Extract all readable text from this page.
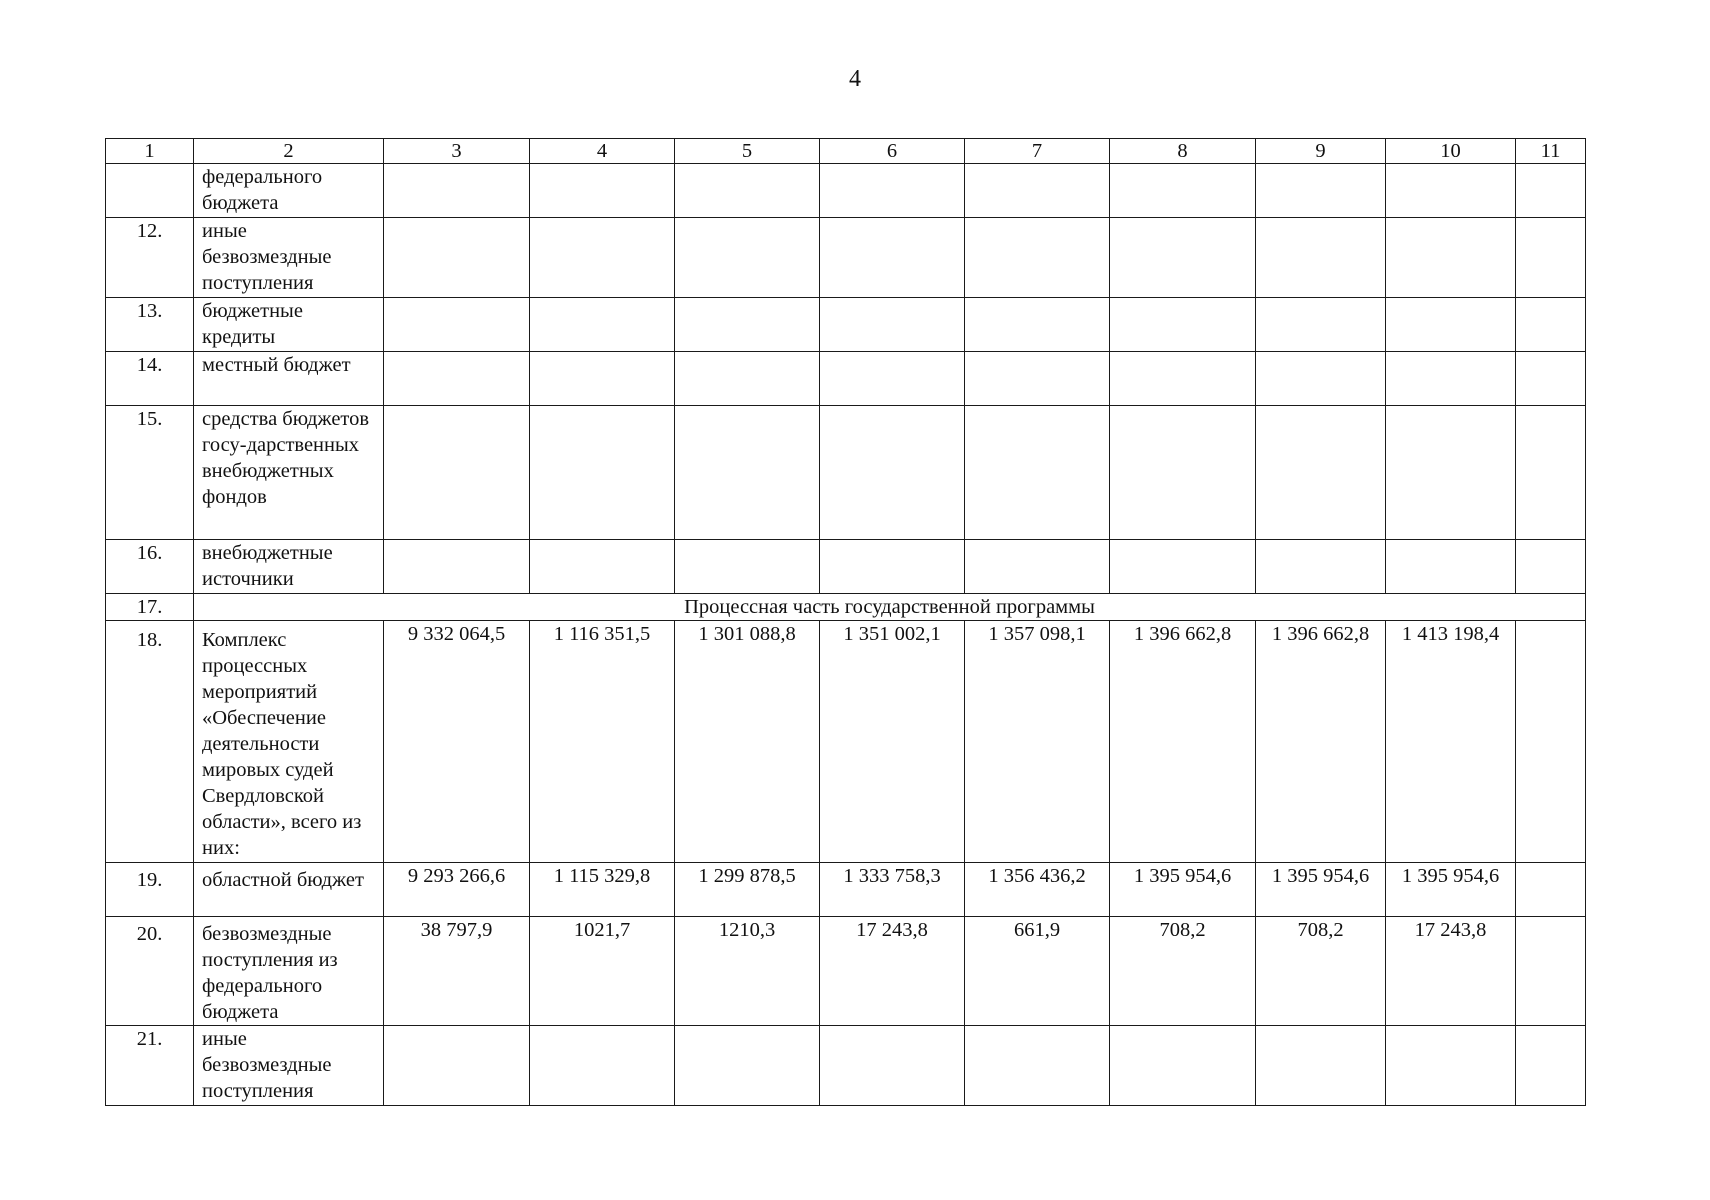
4
1	2	3	4	5	6	7	8	9	10	11
	федерального бюджета									
12.	иные безвозмездные поступления									
13.	бюджетные кредиты									
14.	местный бюджет									
15.	средства бюджетов госу-дарственных внебюджетных фондов									
16.	внебюджетные источники									
17.	Процессная часть государственной программы									
18.	Комплекс процессных мероприятий «Обеспечение деятельности мировых судей Свердловской области», всего из них:	9 332 064,5	1 116 351,5	1 301 088,8	1 351 002,1	1 357 098,1	1 396 662,8	1 396 662,8	1 413 198,4	
19.	областной бюджет	9 293 266,6	1 115 329,8	1 299 878,5	1 333 758,3	1 356 436,2	1 395 954,6	1 395 954,6	1 395 954,6	
20.	безвозмездные поступления из федерального бюджета	38 797,9	1021,7	1210,3	17 243,8	661,9	708,2	708,2	17 243,8	
21.	иные безвозмездные поступления									
